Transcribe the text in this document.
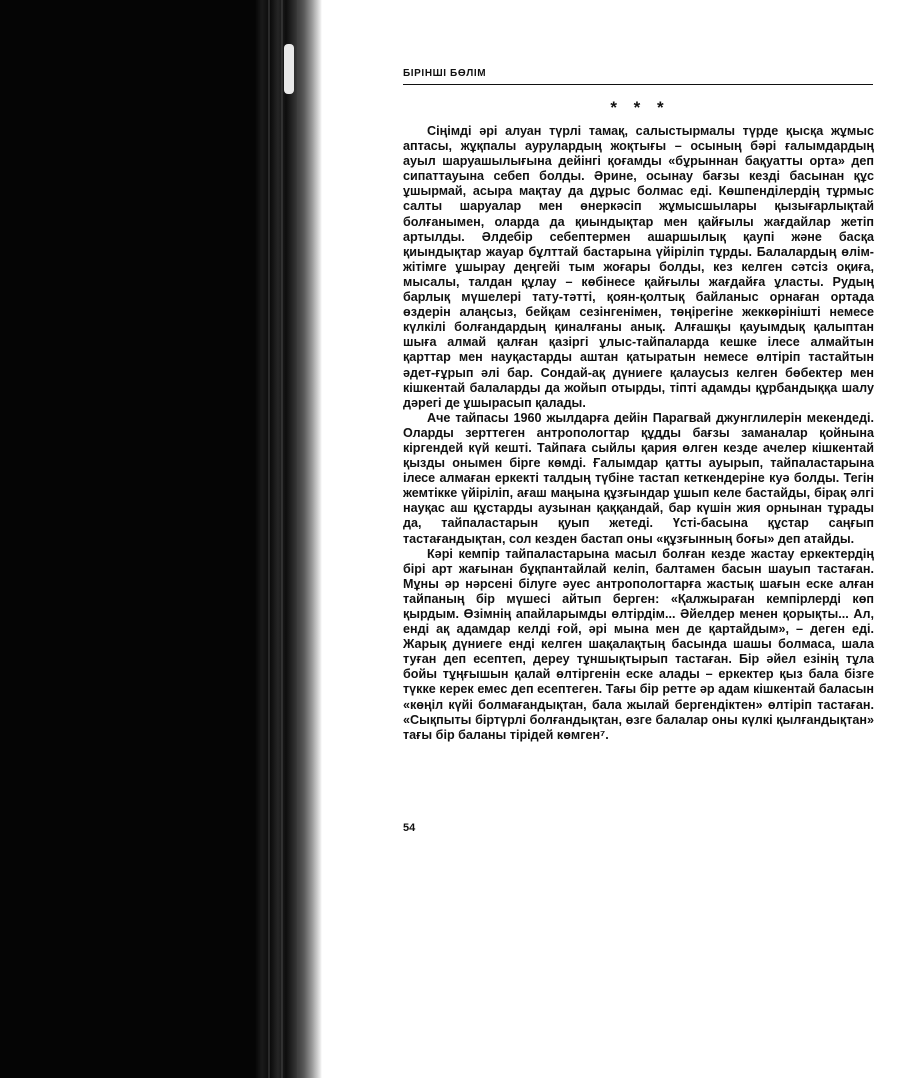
БІРІНШІ БӨЛІМ
* * *

Сіңімді әрі алуан түрлі тамақ, салыстырмалы түрде қысқа жұмыс аптасы, жұқпалы аурулардың жоқтығы – осының бәрі ғалымдардың ауыл шаруашылығына дейінгі қоғамды «бұрыннан бақуатты орта» деп сипаттауына себеп болды. Әрине, осынау бағзы кезді басынан құс ұшырмай, асыра мақтау да дұрыс болмас еді. Көшпенділердің тұрмыс салты шаруалар мен өнеркәсіп жұмысшылары қызығарлықтай болғанымен, оларда да қиындықтар мен қайғылы жағдайлар жетіп артылды. Әлдебір себептермен ашаршылық қаупі және басқа қиындықтар жауар бұлттай бастарына үйіріліп тұрды. Балалардың өлім-жітімге ұшырау деңгейі тым жоғары болды, кез келген сәтсіз оқиға, мысалы, талдан құлау – көбінесе қайғылы жағдайға ұласты. Рудың барлық мүшелері тату-тәтті, қоян-қолтық байланыс орнаған ортада өздерін алаңсыз, бейқам сезінгенімен, төңірегіне жеккөрінішті немесе күлкілі болғандардың қиналғаны анық. Алғашқы қауымдық қалыптан шыға алмай қалған қазіргі ұлыс-тайпаларда кешке ілесе алмайтын қарттар мен науқастарды аштан қатыратын немесе өлтіріп тастайтын әдет-ғұрып әлі бар. Сондай-ақ дүниеге қалаусыз келген бөбектер мен кішкентай балаларды да жойып отырды, тіпті адамды құрбандыққа шалу дәрегі де ұшырасып қалады.

Аче тайпасы 1960 жылдарға дейін Парагвай джунглилерін мекендеді. Оларды зерттеген антропологтар құдды бағзы заманалар қойнына кіргендей күй кешті. Тайпаға сыйлы қария өлген кезде ачелер кішкентай қызды онымен бірге көмді. Ғалымдар қатты ауырып, тайпаластарына ілесе алмаған еркекті талдың түбіне тастап кеткендеріне куә болды. Тегін жемтікке үйіріліп, ағаш маңына құзғындар ұшып келе бастайды, бірақ әлгі науқас аш құстарды аузынан қаққандай, бар күшін жия орнынан тұрады да, тайпаластарын қуып жетеді. Үсті-басына құстар саңғып тастағандықтан, сол кезден бастап оны «құзғынның боғы» деп атайды.

Кәрі кемпір тайпаластарына масыл болған кезде жастау еркектердің бірі арт жағынан бұқпантайлай келіп, балтамен басын шауып тастаған. Мұны әр нәрсені білуге әуес антропологтарға жастық шағын еске алған тайпаның бір мүшесі айтып берген: «Қалжыраған кемпірлерді көп қырдым. Өзімнің апайларымды өлтірдім... Әйелдер менен қорықты... Ал, енді ақ адамдар келді ғой, әрі мына мен де қартайдым», – деген еді. Жарық дүниеге енді келген шақалақтың басында шашы болмаса, шала туған деп есептеп, дереу тұншықтырып тастаған. Бір әйел езінің тұла бойы тұңғышын қалай өлтіргенін еске алады – еркектер қыз бала бізге түкке керек емес деп есептеген. Тағы бір ретте әр адам кішкентай баласын «көңіл күйі болмағандықтан, бала жылай бергендіктен» өлтіріп тастаған. «Сықпыты біртүрлі болғандықтан, өзге балалар оны күлкі қылғандықтан» тағы бір баланы тірідей көмген⁷.

54
